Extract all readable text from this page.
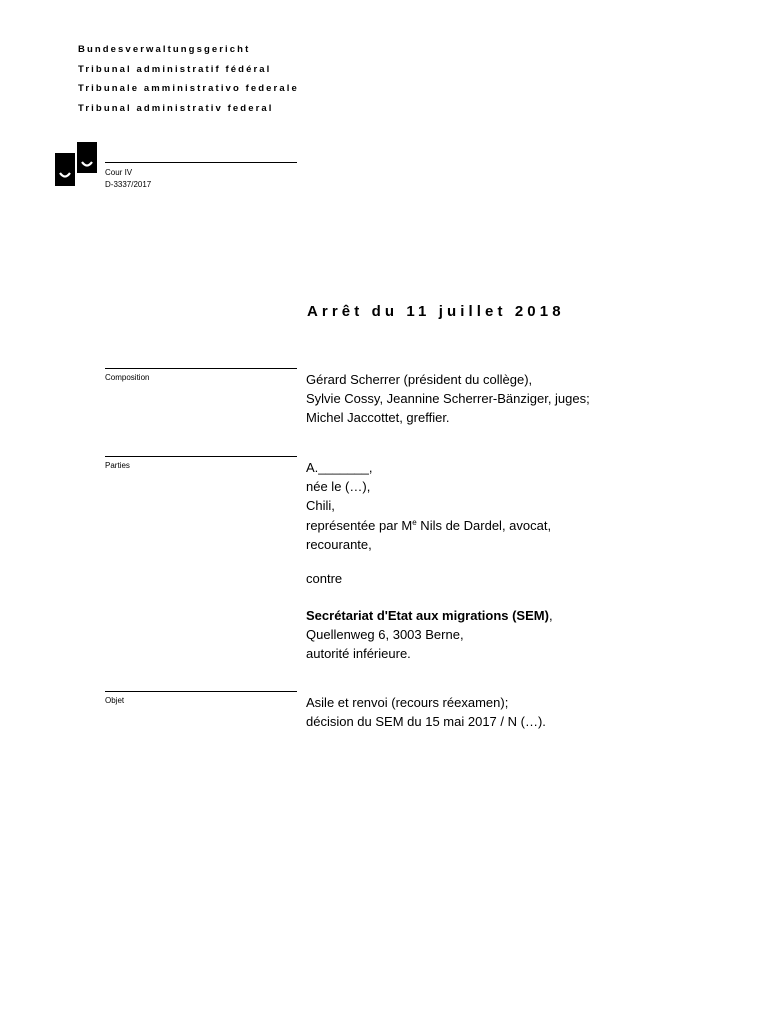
Bundesverwaltungsgericht
Tribunal administratif fédéral
Tribunale amministrativo federale
Tribunal administrativ federal
Cour IV
D-3337/2017
Arrêt du 11 juillet 2018
Composition	Gérard Scherrer (président du collège),
Sylvie Cossy, Jeannine Scherrer-Bänziger, juges;
Michel Jaccottet, greffier.
Parties	A._______,
née le (…),
Chili,
représentée par Me Nils de Dardel, avocat,
recourante,
contre
Secrétariat d'Etat aux migrations (SEM),
Quellenweg 6, 3003 Berne,
autorité inférieure.
Objet	Asile et renvoi (recours réexamen);
décision du SEM du 15 mai 2017 / N (…).
